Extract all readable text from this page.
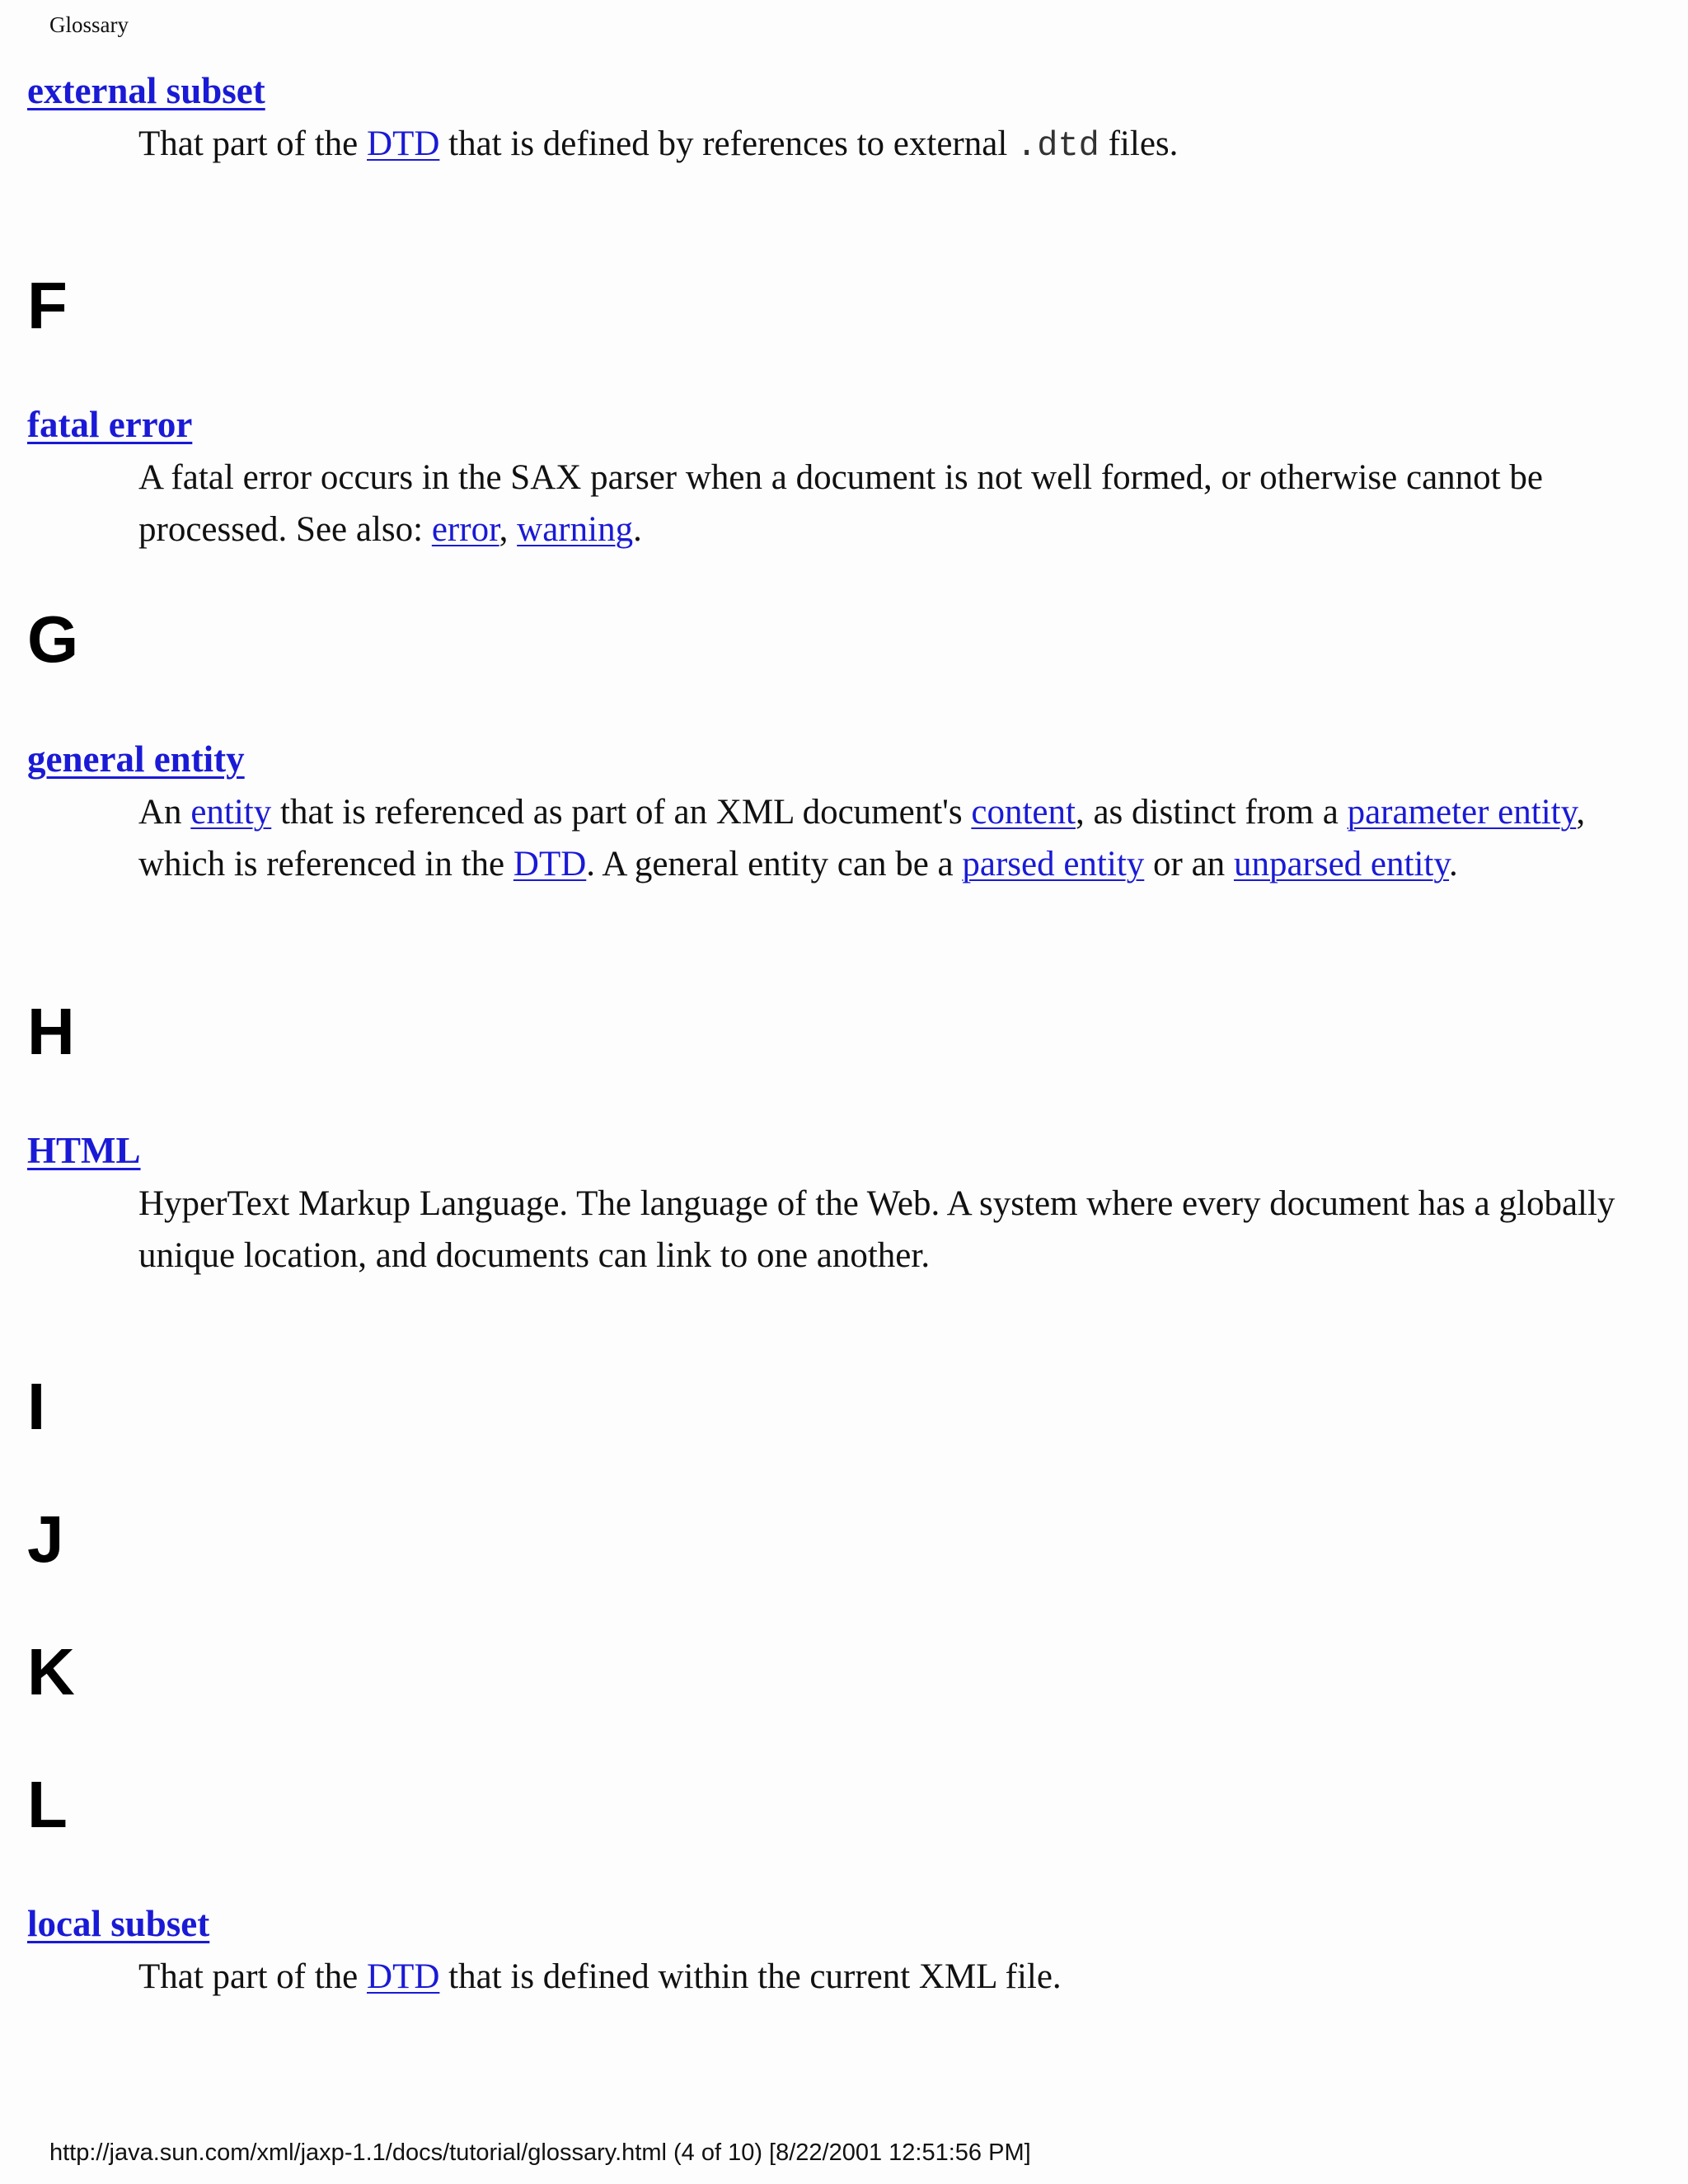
Glossary
external subset
That part of the DTD that is defined by references to external .dtd files.
F
fatal error
A fatal error occurs in the SAX parser when a document is not well formed, or otherwise cannot be processed. See also: error, warning.
G
general entity
An entity that is referenced as part of an XML document's content, as distinct from a parameter entity, which is referenced in the DTD. A general entity can be a parsed entity or an unparsed entity.
H
HTML
HyperText Markup Language. The language of the Web. A system where every document has a globally unique location, and documents can link to one another.
I
J
K
L
local subset
That part of the DTD that is defined within the current XML file.
http://java.sun.com/xml/jaxp-1.1/docs/tutorial/glossary.html (4 of 10) [8/22/2001 12:51:56 PM]
